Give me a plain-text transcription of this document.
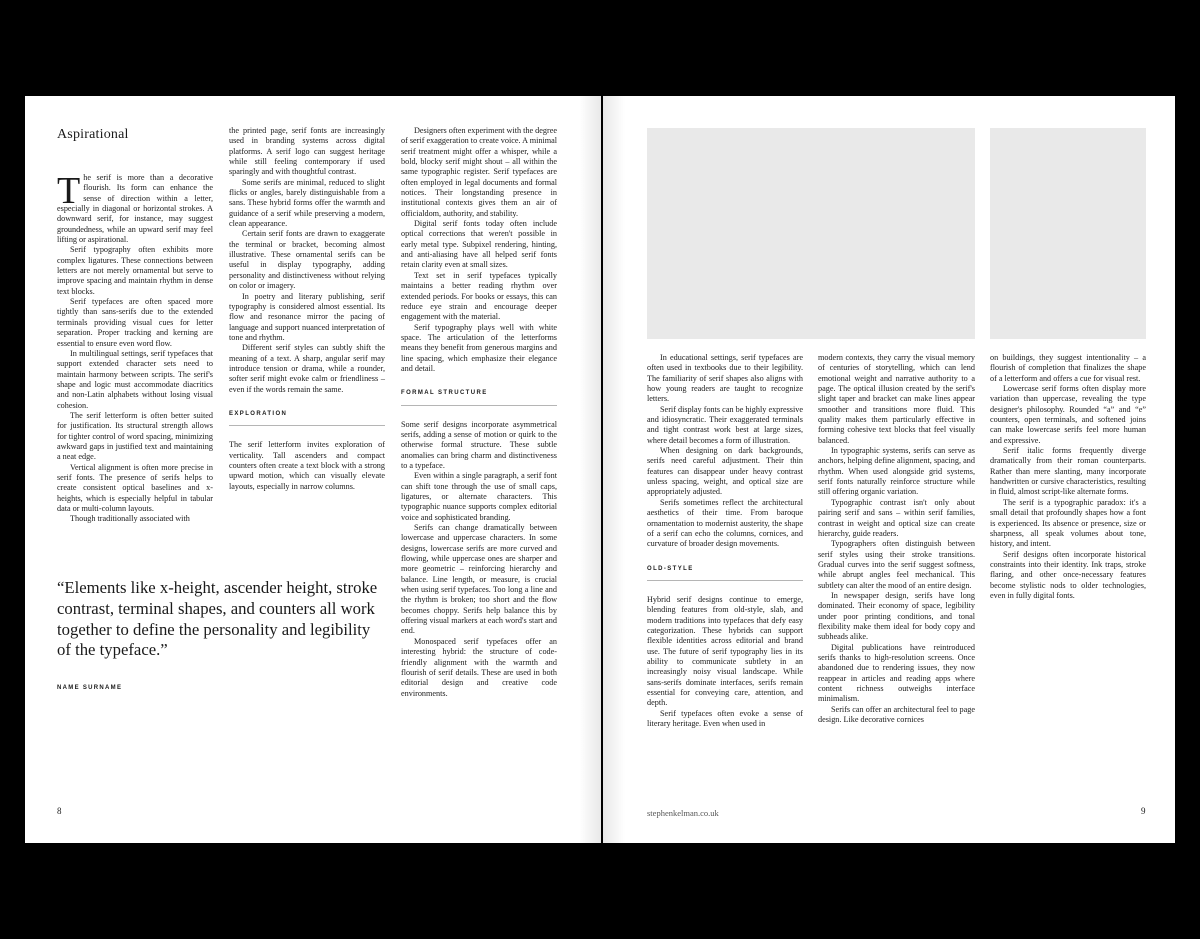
Aspirational

The serif is more than a decorative flourish. Its form can enhance the sense of direction within a letter, especially in diagonal or horizontal strokes. A downward serif, for instance, may suggest groundedness, while an upward serif may feel lifting or aspirational.

Serif typography often exhibits more complex ligatures. These connections between letters are not merely ornamental but serve to improve spacing and maintain rhythm in dense text blocks.

Serif typefaces are often spaced more tightly than sans-serifs due to the extended terminals providing visual cues for letter separation. Proper tracking and kerning are essential to ensure even word flow.

In multilingual settings, serif typefaces that support extended character sets need to maintain harmony between scripts. The serif's shape and logic must accommodate diacritics and non-Latin alphabets without losing visual cohesion.

The serif letterform is often better suited for justification. Its structural strength allows for tighter control of word spacing, minimizing awkward gaps in justified text and maintaining a neat edge.

Vertical alignment is often more precise in serif fonts. The presence of serifs helps to create consistent optical baselines and x-heights, which is especially helpful in tabular data or multi-column layouts.

Though traditionally associated with

the printed page, serif fonts are increasingly used in branding systems across digital platforms. A serif logo can suggest heritage while still feeling contemporary if used sparingly and with thoughtful contrast.

Some serifs are minimal, reduced to slight flicks or angles, barely distinguishable from a sans. These hybrid forms offer the warmth and guidance of a serif while preserving a modern, clean appearance.

Certain serif fonts are drawn to exaggerate the terminal or bracket, becoming almost illustrative. These ornamental serifs can be useful in display typography, adding personality and distinctiveness without relying on color or imagery.

In poetry and literary publishing, serif typography is considered almost essential. Its flow and resonance mirror the pacing of language and support nuanced interpretation of tone and rhythm.

Different serif styles can subtly shift the meaning of a text. A sharp, angular serif may introduce tension or drama, while a rounder, softer serif might evoke calm or friendliness – even if the words remain the same.

EXPLORATION

The serif letterform invites exploration of verticality. Tall ascenders and compact counters often create a text block with a strong upward motion, which can visually elevate layouts, especially in narrow columns.

Designers often experiment with the degree of serif exaggeration to create voice. A minimal serif treatment might offer a whisper, while a bold, blocky serif might shout – all within the same typographic register. Serif typefaces are often employed in legal documents and formal notices. Their longstanding presence in institutional contexts gives them an air of officialdom, authority, and stability.

Digital serif fonts today often include optical corrections that weren't possible in early metal type. Subpixel rendering, hinting, and anti-aliasing have all helped serif fonts retain clarity even at small sizes.

Text set in serif typefaces typically maintains a better reading rhythm over extended periods. For books or essays, this can reduce eye strain and encourage deeper engagement with the material.

Serif typography plays well with white space. The articulation of the letterforms means they benefit from generous margins and line spacing, which emphasize their elegance and detail.

FORMAL STRUCTURE

Some serif designs incorporate asymmetrical serifs, adding a sense of motion or quirk to the otherwise formal structure. These subtle anomalies can bring charm and distinctiveness to a typeface.

Even within a single paragraph, a serif font can shift tone through the use of small caps, ligatures, or alternate characters. This typographic nuance supports complex editorial voice and sophisticated branding.

Serifs can change dramatically between lowercase and uppercase characters. In some designs, lowercase serifs are more curved and flowing, while uppercase ones are sharper and more geometric – reinforcing hierarchy and balance. Line length, or measure, is crucial when using serif typefaces. Too long a line and the rhythm is broken; too short and the flow becomes choppy. Serifs help balance this by offering visual markers at each word's start and end.

Monospaced serif typefaces offer an interesting hybrid: the structure of code-friendly alignment with the warmth and flourish of serif details. These are used in both editorial design and creative code environments.

“Elements like x-height, ascender height, stroke contrast, terminal shapes, and counters all work together to define the personality and legibility of the typeface.”
NAME SURNAME
8

In educational settings, serif typefaces are often used in textbooks due to their legibility. The familiarity of serif shapes also aligns with how young readers are taught to recognize letters.

Serif display fonts can be highly expressive and idiosyncratic. Their exaggerated terminals and tight contrast work best at large sizes, where detail becomes a form of illustration.

When designing on dark backgrounds, serifs need careful adjustment. Their thin features can disappear under heavy contrast unless spacing, weight, and optical size are appropriately adjusted.

Serifs sometimes reflect the architectural aesthetics of their time. From baroque ornamentation to modernist austerity, the shape of a serif can echo the columns, cornices, and curvature of broader design movements.

OLD-STYLE

Hybrid serif designs continue to emerge, blending features from old-style, slab, and modern traditions into typefaces that defy easy categorization. These hybrids can support flexible identities across editorial and brand use. The future of serif typography lies in its ability to communicate subtlety in an increasingly noisy visual landscape. While sans-serifs dominate interfaces, serifs remain essential for conveying care, attention, and depth.

Serif typefaces often evoke a sense of literary heritage. Even when used in

modern contexts, they carry the visual memory of centuries of storytelling, which can lend emotional weight and narrative authority to a page. The optical illusion created by the serif's slight taper and bracket can make lines appear smoother and transitions more fluid. This quality makes them particularly effective in forming cohesive text blocks that feel visually balanced.

In typographic systems, serifs can serve as anchors, helping define alignment, spacing, and rhythm. When used alongside grid systems, serif fonts naturally reinforce structure while still offering organic variation.

Typographic contrast isn't only about pairing serif and sans – within serif families, contrast in weight and optical size can create hierarchy, guide readers.

Typographers often distinguish between serif styles using their stroke transitions. Gradual curves into the serif suggest softness, while abrupt angles feel mechanical. This subtlety can alter the mood of an entire design.

In newspaper design, serifs have long dominated. Their economy of space, legibility under poor printing conditions, and tonal flexibility make them ideal for body copy and subheads alike.

Digital publications have reintroduced serifs thanks to high-resolution screens. Once abandoned due to rendering issues, they now reappear in articles and reading apps where content richness outweighs interface minimalism.

Serifs can offer an architectural feel to page design. Like decorative cornices

on buildings, they suggest intentionality – a flourish of completion that finalizes the shape of a letterform and offers a cue for visual rest.

Lowercase serif forms often display more variation than uppercase, revealing the type designer's philosophy. Rounded “a” and “e” counters, open terminals, and softened joins can make lowercase serifs feel more human and expressive.

Serif italic forms frequently diverge dramatically from their roman counterparts. Rather than mere slanting, many incorporate handwritten or cursive characteristics, resulting in fluid, almost script-like alternate forms.

The serif is a typographic paradox: it's a small detail that profoundly shapes how a font is experienced. Its absence or presence, size or sharpness, all speak volumes about tone, history, and intent.

Serif designs often incorporate historical constraints into their identity. Ink traps, stroke flaring, and other once-necessary features become stylistic nods to older technologies, even in fully digital fonts.

stephenkelman.co.uk	9
